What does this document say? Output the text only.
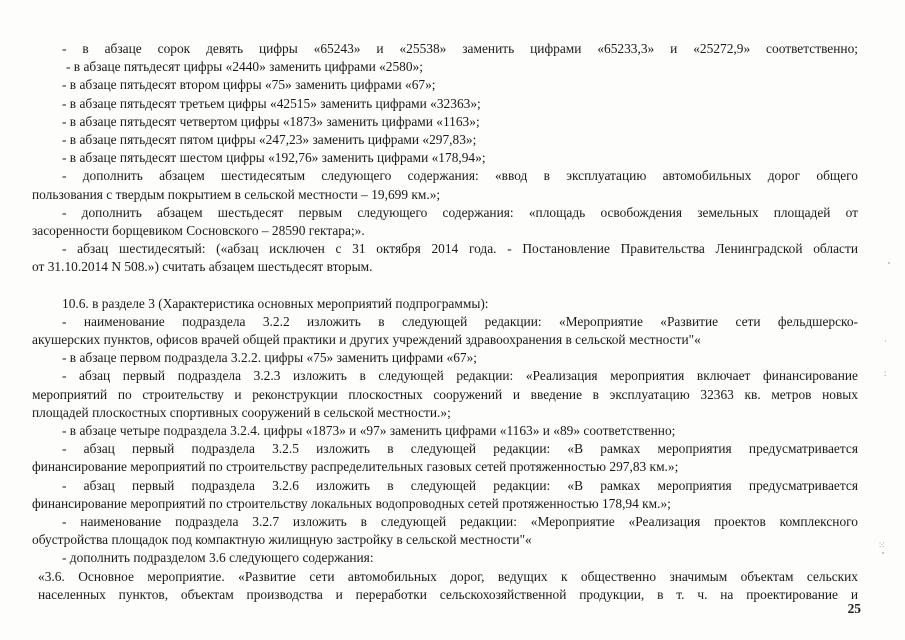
- в абзаце сорок девять цифры «65243» и «25538» заменить цифрами «65233,3» и «25272,9» соответственно;

- в абзаце пятьдесят цифры «2440» заменить цифрами «2580»;

- в абзаце пятьдесят втором цифры «75» заменить цифрами «67»;

- в абзаце пятьдесят третьем цифры «42515» заменить цифрами «32363»;

- в абзаце пятьдесят четвертом цифры «1873» заменить цифрами «1163»;

- в абзаце пятьдесят пятом цифры «247,23» заменить цифрами «297,83»;

- в абзаце пятьдесят шестом цифры «192,76» заменить цифрами «178,94»;

- дополнить абзацем шестидесятым следующего содержания: «ввод в эксплуатацию автомобильных дорог общего

пользования с твердым покрытием в сельской местности – 19,699 км.»;

- дополнить абзацем шестьдесят первым следующего содержания: «площадь освобождения земельных площадей от

засоренности борщевиком Сосновского – 28590 гектара;».

- абзац шестидесятый: («абзац исключен с 31 октября 2014 года. - Постановление Правительства Ленинградской области

от 31.10.2014 N 508.») считать абзацем шестьдесят вторым.

10.6. в разделе 3 (Характеристика основных мероприятий подпрограммы):

- наименование подраздела 3.2.2 изложить в следующей редакции: «Мероприятие «Развитие сети фельдшерско-

акушерских пунктов, офисов врачей общей практики и других учреждений здравоохранения в сельской местности"«

- в абзаце первом подраздела 3.2.2. цифры «75» заменить цифрами «67»;

- абзац первый подраздела 3.2.3 изложить в следующей редакции: «Реализация мероприятия включает финансирование

мероприятий по строительству и реконструкции плоскостных сооружений и введение в эксплуатацию 32363 кв. метров новых

площадей плоскостных спортивных сооружений в сельской местности.»;

- в абзаце четыре подраздела 3.2.4. цифры «1873» и «97» заменить цифрами «1163» и «89» соответственно;

- абзац первый подраздела 3.2.5 изложить в следующей редакции: «В рамках мероприятия предусматривается

финансирование мероприятий по строительству распределительных газовых сетей протяженностью 297,83 км.»;

- абзац первый подраздела 3.2.6 изложить в следующей редакции: «В рамках мероприятия предусматривается

финансирование мероприятий по строительству локальных водопроводных сетей протяженностью 178,94 км.»;

- наименование подраздела 3.2.7 изложить в следующей редакции: «Мероприятие «Реализация проектов комплексного

обустройства площадок под компактную жилищную застройку в сельской местности"«

- дополнить подразделом 3.6 следующего содержания:

«3.6. Основное мероприятие. «Развитие сети автомобильных дорог, ведущих к общественно значимым объектам сельских

населенных пунктов, объектам производства и переработки сельскохозяйственной продукции, в т. ч. на проектирование и

25
·
:
⁙
